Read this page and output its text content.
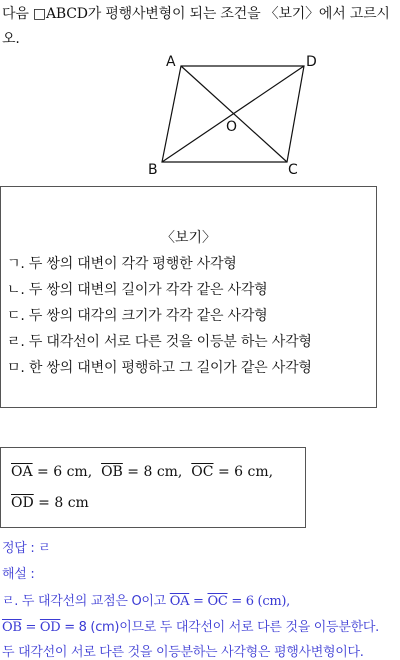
다음 □ABCD가 평행사변형이 되는 조건을 〈보기〉에서 고르시오.
A	D
O
B	C
〈보기〉
ㄱ. 두 쌍의 대변이 각각 평행한 사각형
ㄴ. 두 쌍의 대변의 길이가 각각 같은 사각형
ㄷ. 두 쌍의 대각의 크기가 각각 같은 사각형
ㄹ. 두 대각선이 서로 다른 것을 이등분 하는 사각형
ㅁ. 한 쌍의 대변이 평행하고 그 길이가 같은 사각형
$\overline{OA} = 6$ cm, $\overline{OB} = 8$ cm, $\overline{OC} = 6$ cm,
$\overline{OD} = 8$ cm
정답 : ㄹ
해설 :
ㄹ. 두 대각선의 교점은 O이고 $\overline{OA} = \overline{OC} = 6$ (cm),
$\overline{OB} = \overline{OD} = 8$ (cm)이므로 두 대각선이 서로 다른 것을 이등분한다.
두 대각선이 서로 다른 것을 이등분하는 사각형은 평행사변형이다.
